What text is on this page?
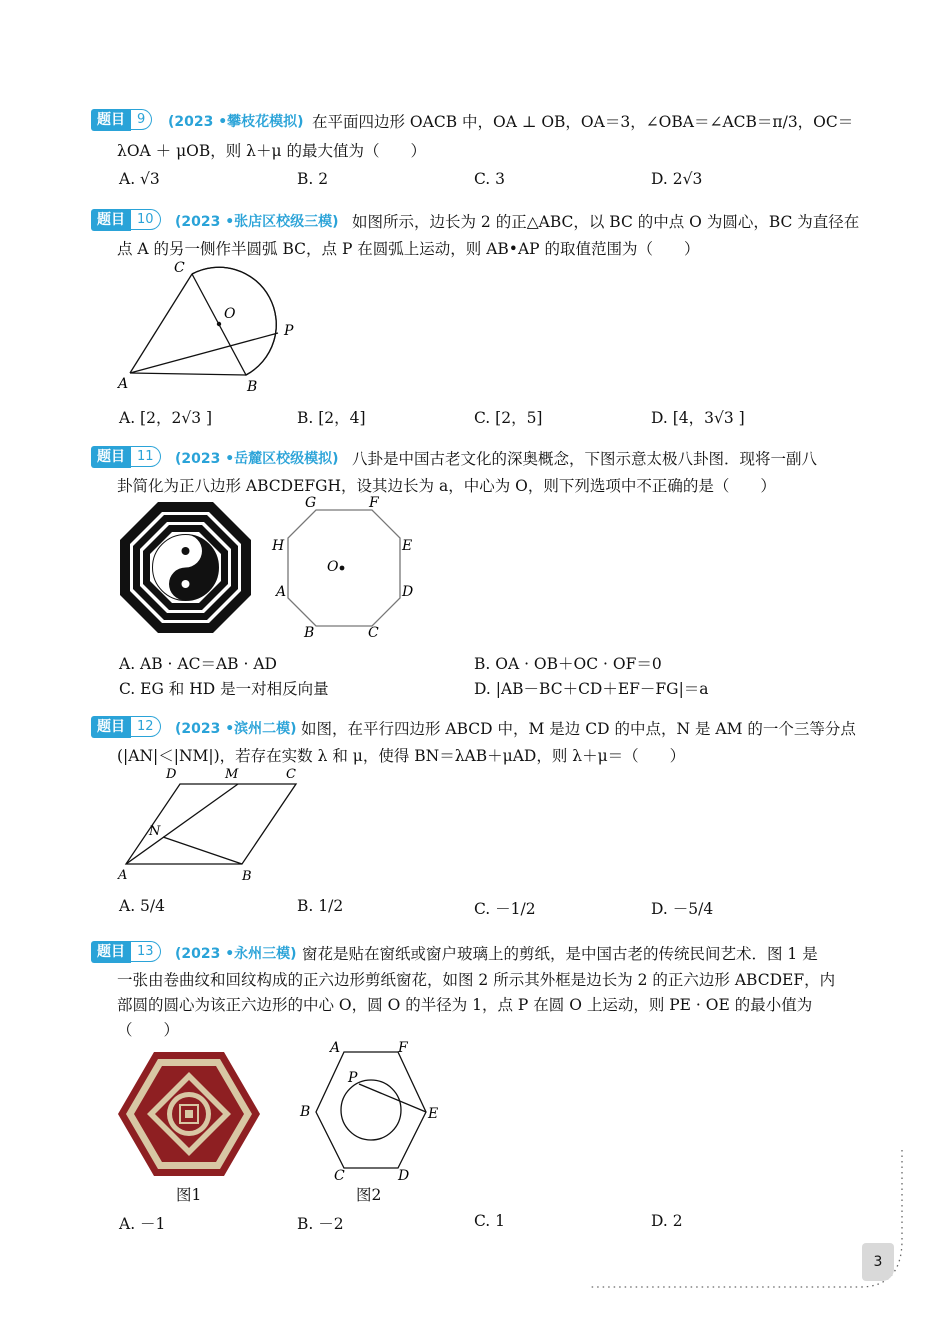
题目 9	(2023 •攀枝花模拟) 在平面四边形 OACB 中，OA ⊥ OB，OA＝3，∠OBA＝∠ACB＝π/3，OC＝
λOA ＋ μOB，则 λ＋μ 的最大值为（　　）
A. √3	B. 2	C. 3	D. 2√3
题目 10	(2023 •张店区校级三模) 如图所示，边长为 2 的正△ABC，以 BC 的中点 O 为圆心，BC 为直径在
点 A 的另一侧作半圆弧 BC，点 P 在圆弧上运动，则 AB•AP 的取值范围为（　　）
A	B
C
O
P
A. [2，2√3 ]	B. [2，4]	C. [2，5]	D. [4，3√3 ]
题目 11	(2023 •岳麓区校级模拟) 八卦是中国古老文化的深奥概念，下图示意太极八卦图．现将一副八
卦简化为正八边形 ABCDEFGH，设其边长为 a，中心为 O，则下列选项中不正确的是（　　）
A
B	C
D
E
F
G
H
O
A. AB · AC＝AB · AD	B. OA · OB＋OC · OF＝0
C. EG 和 HD 是一对相反向量	D. |AB－BC＋CD＋EF－FG|＝a
题目 12	(2023 •滨州二模) 如图，在平行四边形 ABCD 中，M 是边 CD 的中点，N 是 AM 的一个三等分点
(|AN|＜|NM|)，若存在实数 λ 和 μ，使得 BN＝λAB＋μAD，则 λ＋μ＝（　　）
A	B
C
D	M
N
A. 5/4	B. 1/2	C. －1/2	D. －5/4
题目 13	(2023 •永州三模) 窗花是贴在窗纸或窗户玻璃上的剪纸，是中国古老的传统民间艺术．图 1 是
一张由卷曲纹和回纹构成的正六边形剪纸窗花，如图 2 所示其外框是边长为 2 的正六边形 ABCDEF，内
部圆的圆心为该正六边形的中心 O，圆 O 的半径为 1，点 P 在圆 O 上运动，则 PE · OE 的最小值为
（　　）
图1
A
B
C	D
E
F
P
图2
A. －1	B. －2	C. 1	D. 2
3
